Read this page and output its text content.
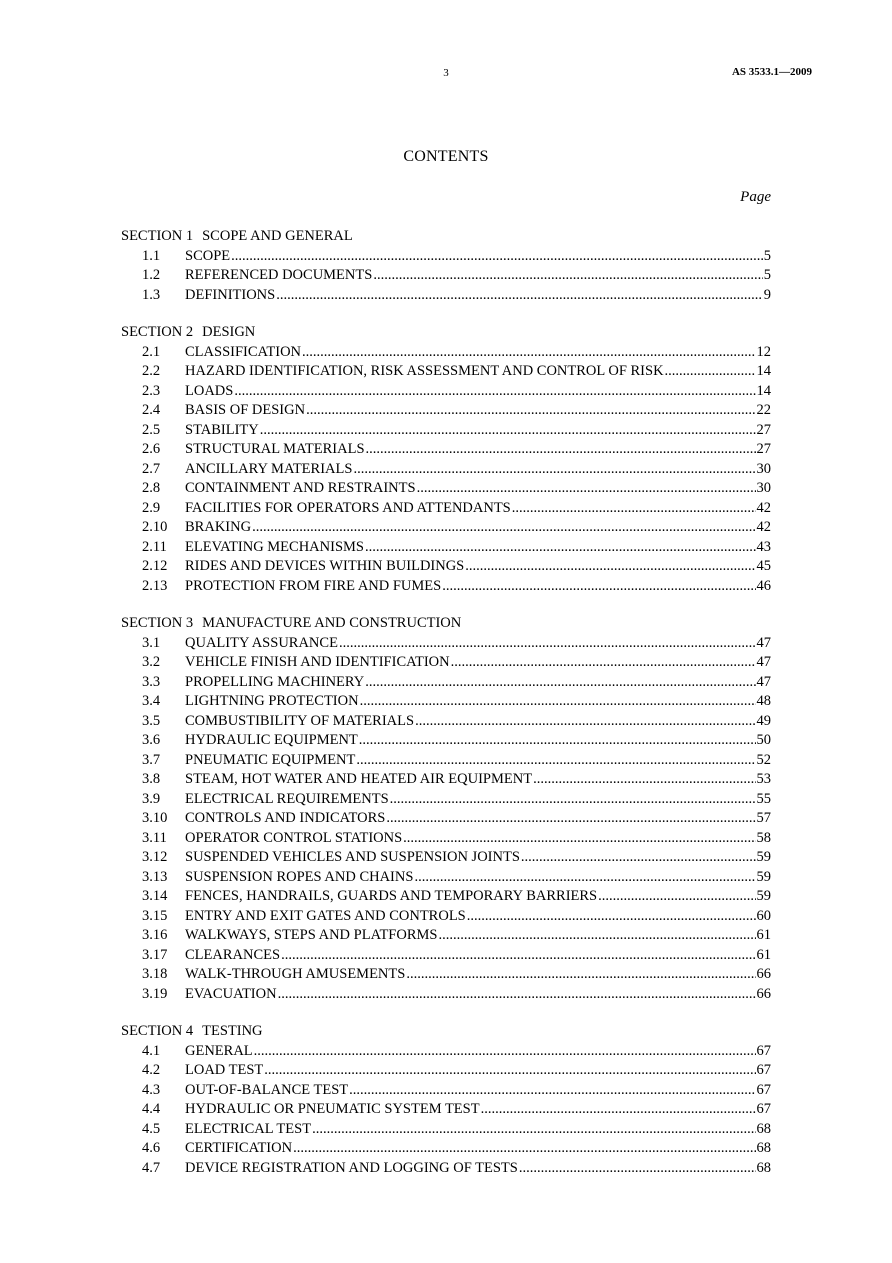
3	AS 3533.1—2009
CONTENTS
Page
SECTION 1 SCOPE AND GENERAL
1.1	SCOPE .....	5
1.2	REFERENCED DOCUMENTS .....	5
1.3	DEFINITIONS .....	9
SECTION 2 DESIGN
2.1	CLASSIFICATION .....	12
2.2	HAZARD IDENTIFICATION, RISK ASSESSMENT AND CONTROL OF RISK .....	14
2.3	LOADS .....	14
2.4	BASIS OF DESIGN .....	22
2.5	STABILITY .....	27
2.6	STRUCTURAL MATERIALS .....	27
2.7	ANCILLARY MATERIALS .....	30
2.8	CONTAINMENT AND RESTRAINTS .....	30
2.9	FACILITIES FOR OPERATORS AND ATTENDANTS .....	42
2.10	BRAKING .....	42
2.11	ELEVATING MECHANISMS .....	43
2.12	RIDES AND DEVICES WITHIN BUILDINGS .....	45
2.13	PROTECTION FROM FIRE AND FUMES .....	46
SECTION 3 MANUFACTURE AND CONSTRUCTION
3.1	QUALITY ASSURANCE .....	47
3.2	VEHICLE FINISH AND IDENTIFICATION .....	47
3.3	PROPELLING MACHINERY .....	47
3.4	LIGHTNING PROTECTION .....	48
3.5	COMBUSTIBILITY OF MATERIALS .....	49
3.6	HYDRAULIC EQUIPMENT .....	50
3.7	PNEUMATIC EQUIPMENT .....	52
3.8	STEAM, HOT WATER AND HEATED AIR EQUIPMENT .....	53
3.9	ELECTRICAL REQUIREMENTS .....	55
3.10	CONTROLS AND INDICATORS .....	57
3.11	OPERATOR CONTROL STATIONS .....	58
3.12	SUSPENDED VEHICLES AND SUSPENSION JOINTS .....	59
3.13	SUSPENSION ROPES AND CHAINS .....	59
3.14	FENCES, HANDRAILS, GUARDS AND TEMPORARY BARRIERS .....	59
3.15	ENTRY AND EXIT GATES AND CONTROLS .....	60
3.16	WALKWAYS, STEPS AND PLATFORMS .....	61
3.17	CLEARANCES .....	61
3.18	WALK-THROUGH AMUSEMENTS .....	66
3.19	EVACUATION .....	66
SECTION 4 TESTING
4.1	GENERAL .....	67
4.2	LOAD TEST .....	67
4.3	OUT-OF-BALANCE TEST .....	67
4.4	HYDRAULIC OR PNEUMATIC SYSTEM TEST .....	67
4.5	ELECTRICAL TEST .....	68
4.6	CERTIFICATION .....	68
4.7	DEVICE REGISTRATION AND LOGGING OF TESTS .....	68
